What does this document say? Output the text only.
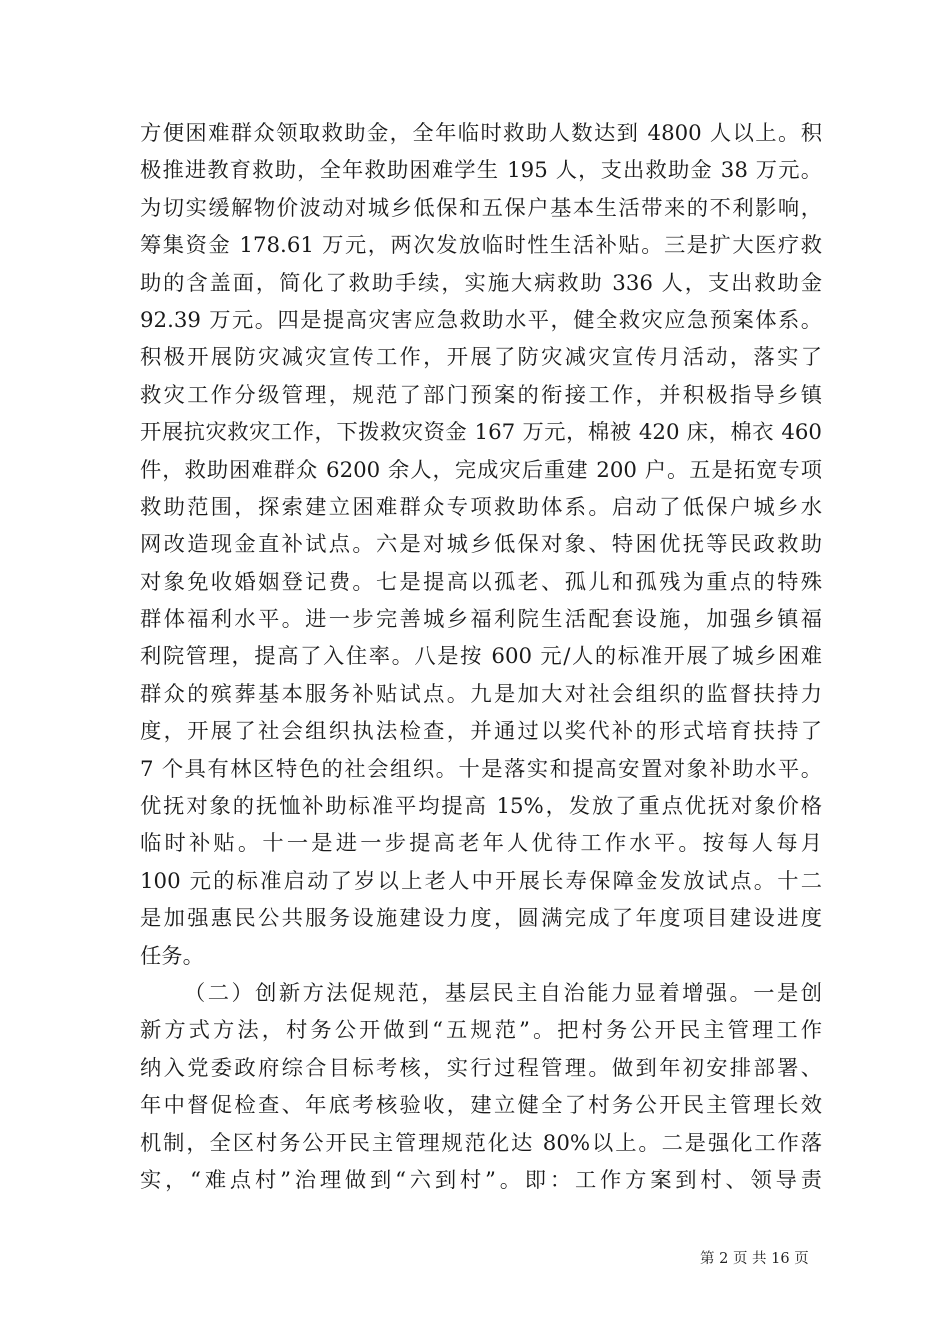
方便困难群众领取救助金，全年临时救助人数达到 4800 人以上。积
极推进教育救助，全年救助困难学生 195 人，支出救助金 38 万元。
为切实缓解物价波动对城乡低保和五保户基本生活带来的不利影响，
筹集资金 178.61 万元，两次发放临时性生活补贴。三是扩大医疗救
助的含盖面，简化了救助手续，实施大病救助 336 人，支出救助金
92.39 万元。四是提高灾害应急救助水平，健全救灾应急预案体系。
积极开展防灾减灾宣传工作，开展了防灾减灾宣传月活动，落实了
救灾工作分级管理，规范了部门预案的衔接工作，并积极指导乡镇
开展抗灾救灾工作，下拨救灾资金 167 万元，棉被 420 床，棉衣 460
件，救助困难群众 6200 余人，完成灾后重建 200 户。五是拓宽专项
救助范围，探索建立困难群众专项救助体系。启动了低保户城乡水
网改造现金直补试点。六是对城乡低保对象、特困优抚等民政救助
对象免收婚姻登记费。七是提高以孤老、孤儿和孤残为重点的特殊
群体福利水平。进一步完善城乡福利院生活配套设施，加强乡镇福
利院管理，提高了入住率。八是按 600 元/人的标准开展了城乡困难
群众的殡葬基本服务补贴试点。九是加大对社会组织的监督扶持力
度，开展了社会组织执法检查，并通过以奖代补的形式培育扶持了
7 个具有林区特色的社会组织。十是落实和提高安置对象补助水平。
优抚对象的抚恤补助标准平均提高 15%，发放了重点优抚对象价格
临时补贴。十一是进一步提高老年人优待工作水平。按每人每月
100 元的标准启动了岁以上老人中开展长寿保障金发放试点。十二
是加强惠民公共服务设施建设力度，圆满完成了年度项目建设进度
任务。
（二）创新方法促规范，基层民主自治能力显着增强。一是创
新方式方法，村务公开做到“五规范”。把村务公开民主管理工作
纳入党委政府综合目标考核，实行过程管理。做到年初安排部署、
年中督促检查、年底考核验收，建立健全了村务公开民主管理长效
机制，全区村务公开民主管理规范化达 80%以上。二是强化工作落
实，“难点村”治理做到“六到村”。即：工作方案到村、领导责
第 2 页 共 16 页
